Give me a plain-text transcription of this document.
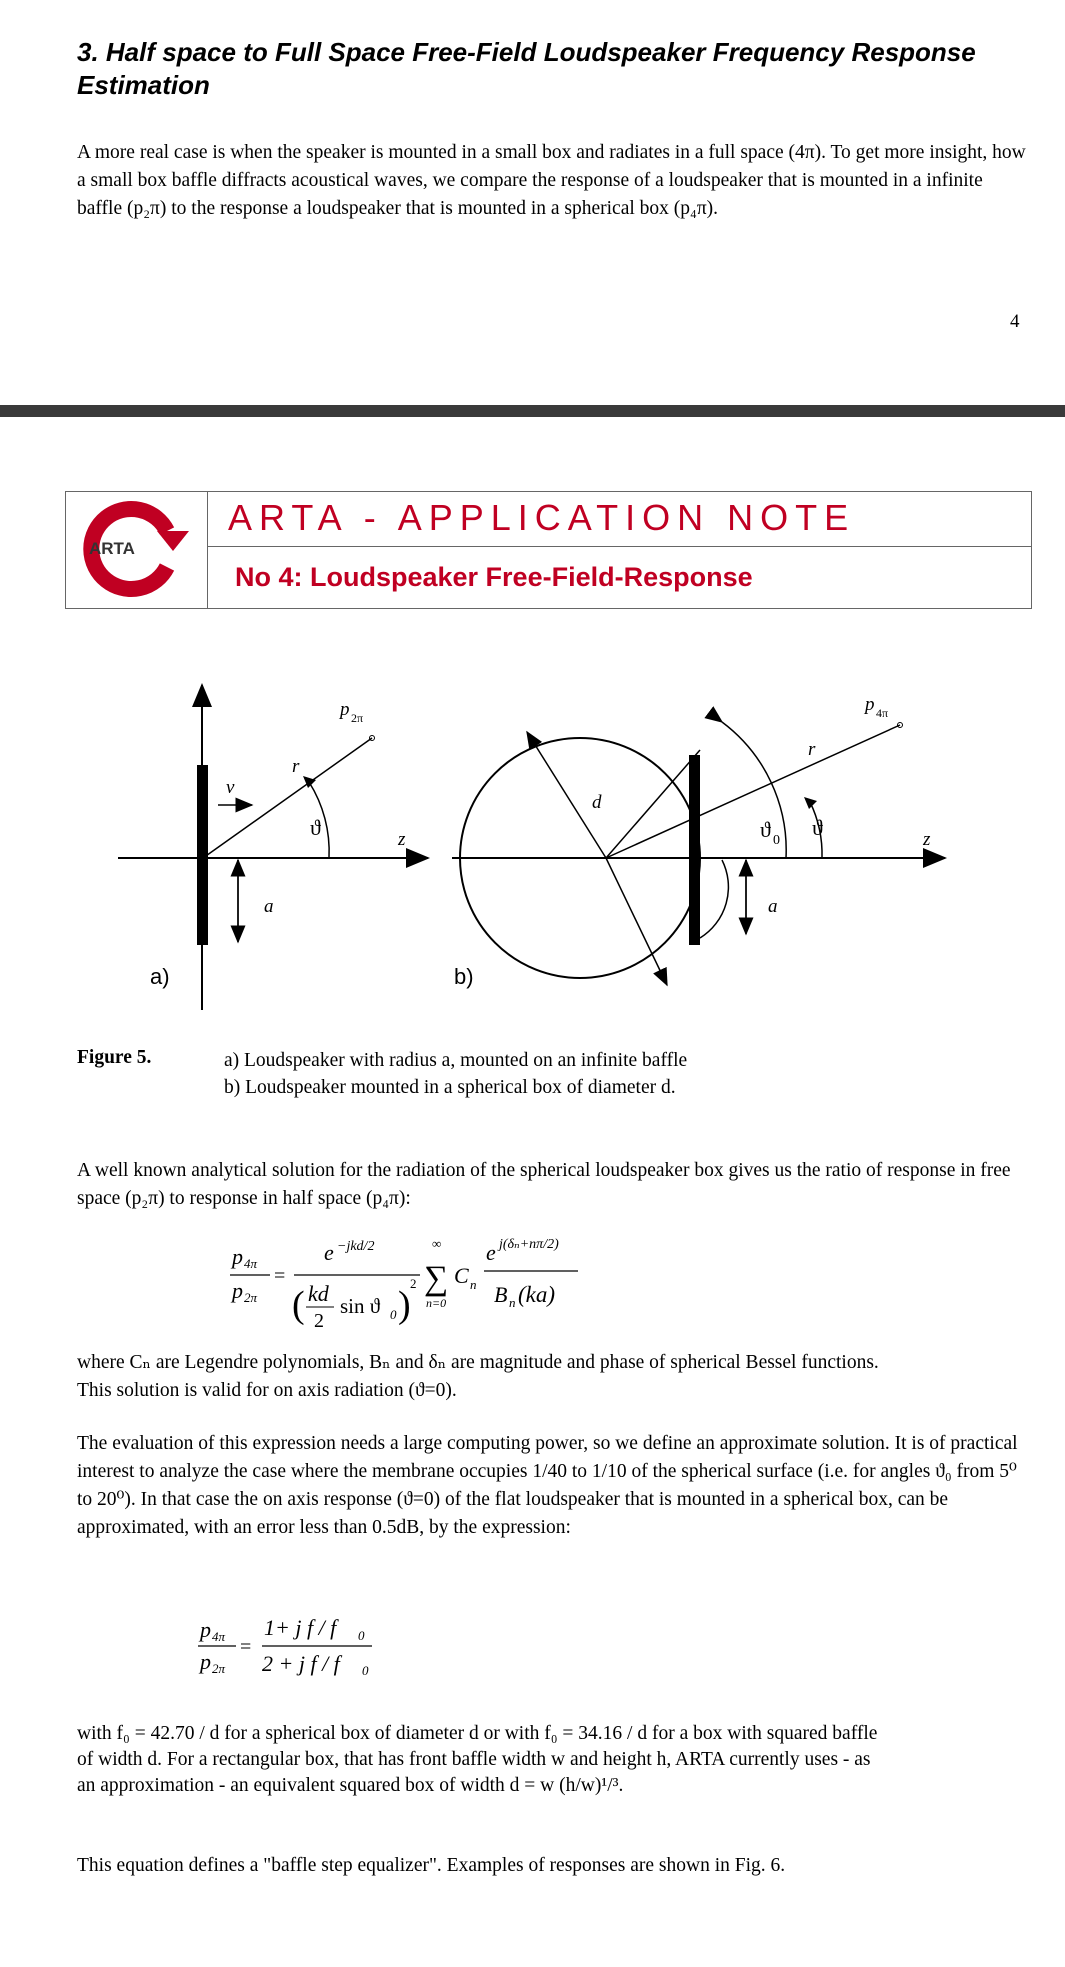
3. Half space to Full Space Free-Field Loudspeaker Frequency Response Estimation
A more real case is when the speaker is mounted in a small box and radiates in a full space (4π). To get more insight, how a small box baffle diffracts acoustical waves, we compare the response of a loudspeaker that is mounted in a infinite baffle (p₂π) to the response a loudspeaker that is mounted in a spherical box (p₄π).
4
ARTA
ARTA - APPLICATION NOTE
No 4: Loudspeaker Free-Field-Response
p 2π
r
v
ϑ	z
a
a)
p 4π
r
d
ϑ 0
ϑ	z
a
b)
Figure 5.	a) Loudspeaker with radius a, mounted on an infinite baffle
b) Loudspeaker mounted in a spherical box of diameter d.
A well known analytical solution for the radiation of the spherical loudspeaker box gives us the ratio of response in free space (p₂π) to response in half space (p₄π):
p 4π
p 2π
=
e −jkd/2
( kd
2
sin ϑ 0 )
2
∞
∑
n=0
C n
e j(δₙ+nπ/2)
B n (ka)
where Cₙ are Legendre polynomials, Bₙ and δₙ are magnitude and phase of spherical Bessel functions.
This solution is valid for on axis radiation (ϑ=0).
The evaluation of this expression needs a large computing power, so we define an approximate solution. It is of practical interest to analyze the case where the membrane occupies 1/40 to 1/10 of the spherical surface (i.e. for angles ϑ₀ from 5⁰ to 20⁰). In that case the on axis response (ϑ=0) of the flat loudspeaker that is mounted in a spherical box, can be approximated, with an error less than 0.5dB, by the expression:
p 4π
p 2π
=
1+ j f / f 0
2 + j f / f 0
with f₀ = 42.70 / d for a spherical box of diameter d or with f₀ = 34.16 / d for a box with squared baffle
of width d. For a rectangular box, that has front baffle width w and height h, ARTA currently uses - as
an approximation - an equivalent squared box of width d = w (h/w)¹/³.
This equation defines a "baffle step equalizer". Examples of responses are shown in Fig. 6.
